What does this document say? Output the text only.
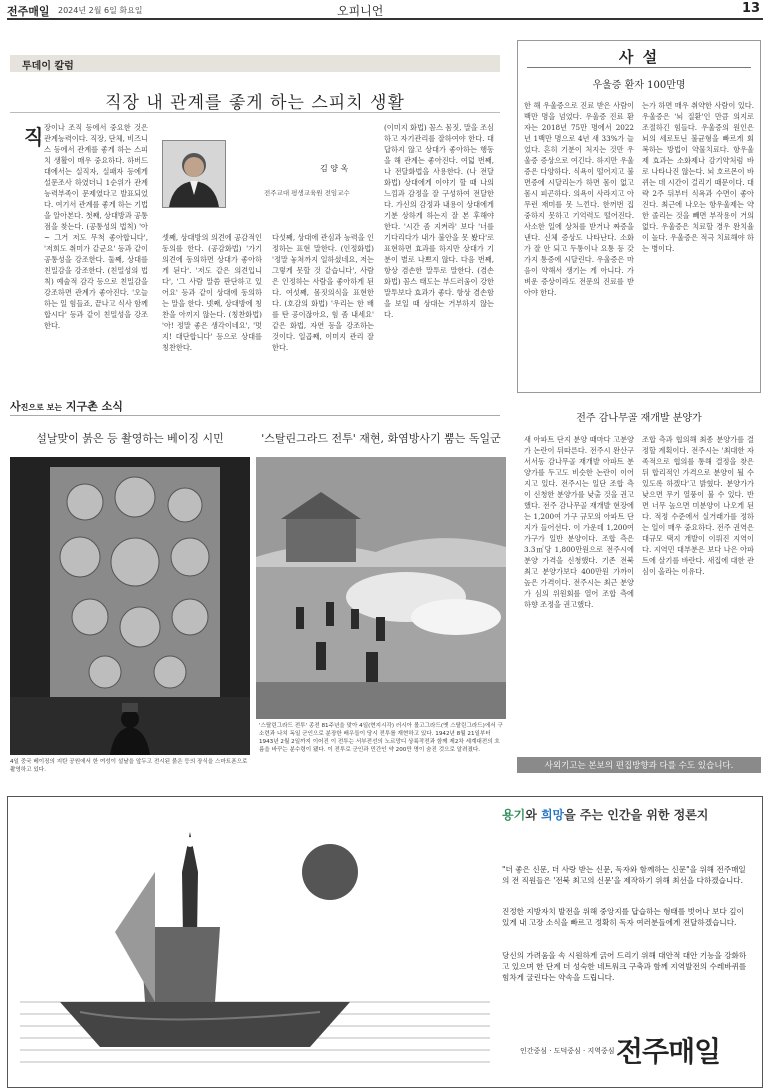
전주매일 2024년 2월 6일 화요일	오피니언	13
투데이 칼럼
직장 내 관계를 좋게 하는 스피치 생활
직 장이나 조직 등에서 중요한 것은 관계능력이다. 직장, 단체, 비즈니스 등에서 관계를 좋게 하는 스피치 생활이 매우 중요하다. 하버드대에서는 실직자, 실패자 등에게 설문조사 하였더니 1순위가 관계능력부족이 문제였다고 발표되었다. 여기서 관계를 좋게 하는 기법을 알아본다. 첫째, 상대방과 공통점을 찾는다. (공통성의 법칙) '아~ 그거 저도 무척 좋아합니다', '저희도 취미가 같군요' 등과 같이 공통성을 강조한다. 둘째, 상대를 친밀감을 강조한다. (친밀성의 법칙) 예술적 감각 등으로 친밀감을 강조하면 관계가 좋아진다. '오늘 하는 일 힘들죠, 끝나고 식사 함께 합시다' 등과 같이 친밀성을 강조한다.
김 양 옥
전주교대 평생교육원 전임교수
셋째, 상대방의 의견에 공감적인 동의를 한다. (공감화법) '가기 의견에 동의하면 상대가 좋아하게 된다'. '저도 같은 의견입니다', '그 사람 말씀 판단하고 있어요' 등과 같이 상대에 동의하는 말을 한다. 넷째, 상대방에 칭찬을 아끼지 않는다. (칭찬화법) '아! 정말 좋은 생각이네요', '멋지! 대단합니다' 등으로 상대를 칭찬한다.
다섯째, 상대에 관심과 능력을 인정하는 표현 말한다. (인정화법) '정말 놓쳐까지 일하셨네요, 저는 그렇게 못할 것 같습니다', 사람은 인정하는 사람을 좋아하게 된다. 여섯째, 몸짓의식을 표현한다. (호감의 화법) '우리는 한 배를 탄 공이잖아요, 힘 좀 내세요' 같은 화법, 자연 등을 강조하는 것이다. 일곱째, 이미지 관리 잘한다.
(이미지 화법) 꼼스 몸짓, 말을 조심하고 자기관리를 잘하여야 한다. 대답하지 않고 상대가 좋아하는 행동을 해 관계는 좋아진다. 여덟 번째, 나 전달화법을 사용한다. (나 전달화법) 상대에게 이야기 할 때 나의 느낌과 감정을 잘 구성하여 전달한다. 가신의 감정과 내용이 상대에게 기분 상하게 하는지 잘 본 후해야 한다. '시간 좀 지켜라' 보다 '너를 기다리다가 내가 불안을 못 봤다'로 표현하면 효과를 하지만 상대가 기분이 별로 나쁘지 않다. 다음 번째, 항상 겸손한 말투로 말한다. (겸손화법) 꼼스 태도는 부드러움이 강한 말투보다 효과가 좋다. 항상 겸손함을 보일 때 상대는 거부하지 않는다.
사 설
우울증 환자 100만명
한 해 우울증으로 진료 받은 사람이 백만 명을 넘었다. 우울증 진료 환자는 2018년 75만 명에서 2022년 1백만 명으로 4년 새 33%가 늘었다. 흔히 기분이 처지는 것만 우울증 증상으로 여긴다. 하지만 우울증은 다양하다. 식욕이 떨어지고 불면증에 시달리는가 하면 몸이 없고 몸시 피곤하다. 의욕이 사라지고 아무런 재미를 못 느낀다. 한꺼번 집중하지 못하고 기억력도 떨어진다. 사소한 일에 상처를 받거나 짜증을 낸다. 신체 증상도 나타난다. 소화가 잘 안 되고 두통이나 요통 등 갖가지 통증에 시달린다. 우울증은 마음이 약해서 생기는 게 아니다. 가벼운 증상이라도 전문의 진료를 받아야 한다.
는가 하면 매우 취약한 사람이 있다. 우울증은 '뇌 질환'인 만큼 의지로 조절하긴 힘들다. 우울증의 원인은 뇌의 세로토닌 불균형을 빠르게 회복하는 방법이 약물치료다. 항우울제 효과는 소화제나 감기약처럼 바로 나타나진 않는다. 뇌 호르몬이 바뀌는 데 시간이 걸리기 때문이다. 대략 2주 뒤부터 식욕과 수면이 좋아진다. 최근에 나오는 항우울제는 약한 졸리는 것을 빼면 부작용이 거의 없다. 우울증은 치료할 경우 완치율이 높다. 우울증은 적극 치료해야 하는 병이다.
전주 감나무골 재개발 분양가
새 아파트 단지 분양 때마다 고분양가 논란이 뒤따른다. 전주시 완산구 서서동 감나무골 재개발 아파트 분양가를 두고도 비슷한 논란이 이어지고 있다. 전주시는 일단 조합 측이 신청한 분양가를 낮출 것을 권고했다. 전주 감나무골 재개발 현장에는 1,200여 가구 규모의 아파트 단지가 들어선다. 이 가운데 1,200여 가구가 일반 분양이다. 조합 측은 3.3㎡당 1,800만원으로 전주시에 분양 가격을 신청했다. 기존 전북 최고 분양가보다 400만원 가까이 높은 가격이다. 전주시는 최근 분양가 심의 위원회를 열어 조합 측에 하향 조정을 권고했다.
조합 측과 협의해 최종 분양가를 결정할 계획이다. 전주시는 '최대한 자족적으로 협의를 통해 결정을 찾은 뒤 합리적인 가격으로 분양이 될 수 있도록 하겠다'고 밝혔다. 분양가가 낮으면 무기 열풍이 불 수 있다. 반면 너무 높으면 미분양이 나오게 된다. 적정 수준에서 실거래가를 정하는 일이 매우 중요하다. 전주 권역은 대규모 택지 개발이 이뤄진 지역이다. 지역민 대부분은 보다 나은 아파트에 살기를 바란다. 새집에 대한 관심이 올라는 이유다.
사외기고는 본보의 편집방향과 다를 수도 있습니다.
사진으로 보는 지구촌 소식
설날맞이 붉은 등 촬영하는 베이징 시민	'스탈린그라드 전투' 재현, 화염방사기 뿜는 독일군
4일 중국 베이징의 지탄 공원에서 한 여성이 설날을 앞두고 전시된 붉은 등의 장식을 스마트폰으로 촬영하고 있다.
'스탈린그라드 전투' 종전 81주년을 맞아 4일(현지시각) 러시아 볼고그라드(옛 스탈린그라드)에서 구소련과 나치 독일 군인으로 분장한 배우들이 당시 전투를 재현하고 있다. 1942년 8월 21일부터 1943년 2월 2일까지 이어진 이 전투는 서부전선의 노르망디 상륙작전과 함께 제2차 세계대전의 흐름을 바꾸는 분수령이 됐다. 이 전투로 군인과 민간인 약 200만 명이 숨진 것으로 알려졌다.
용기와 희망을 주는 인간을 위한 정론지
"더 좋은 신문, 더 사랑 받는 신문, 독자와 함께하는 신문"을 위해 전주매일의 전 직원들은 '전북 최고의 신문'을 제작하기 위해 최선을 다하겠습니다.
진정한 지방자치 발전을 위해 중앙지를 답습하는 형태를 벗어나 보다 깊이 있게 내 고장 소식을 빠르고 정확히 독자 여러분들에게 전달하겠습니다.
당신의 가려움을 속 시원하게 긁어 드리기 위해 대안적 대안 기능을 강화하고 있으며 한 단계 더 성숙한 네트워크 구축과 함께 지역발전의 수레바퀴를 힘차게 굴린다는 약속을 드립니다.
인간중심 · 도덕중심 · 지역중심 전주매일
